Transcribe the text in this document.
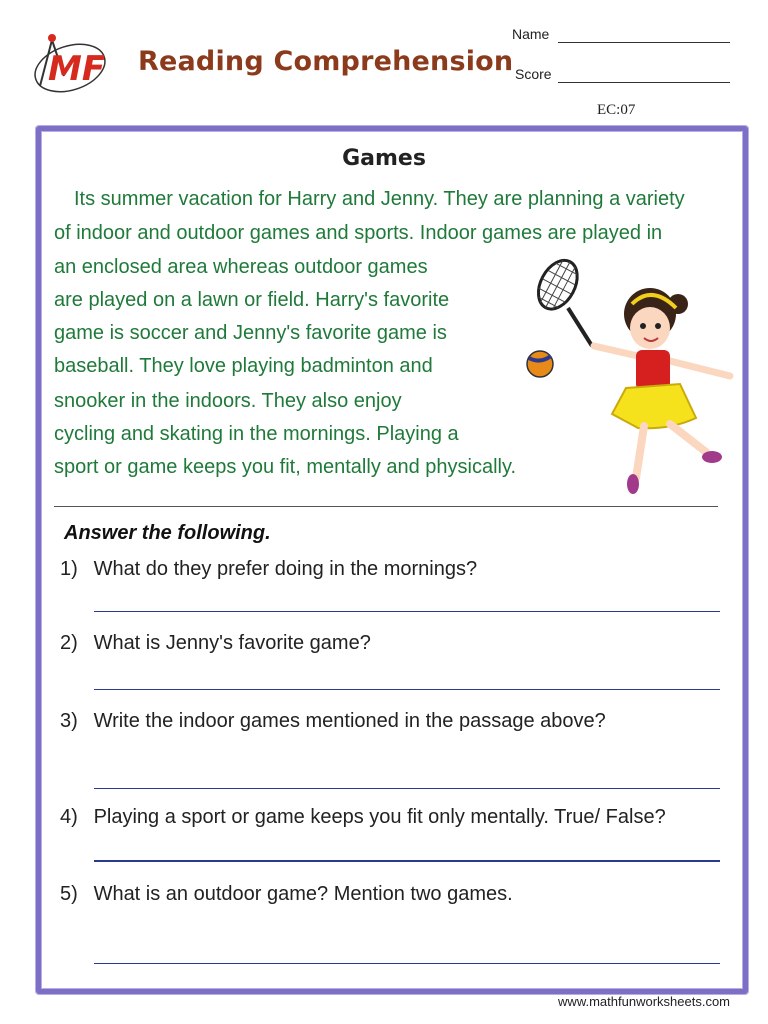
MF Reading Comprehension
Name
Score
EC:07
Games
Its summer vacation for Harry and Jenny. They are planning a variety
of indoor and outdoor games and sports. Indoor games are played in
an enclosed area whereas outdoor games
are played on a lawn or field. Harry's favorite
game is soccer and Jenny's favorite game is
baseball. They love playing badminton and
snooker in the indoors. They also enjoy
cycling and skating in the mornings. Playing a
sport or game keeps you fit, mentally and physically.
Answer the following.
1) What do they prefer doing in the mornings?
2) What is Jenny's favorite game?
3) Write the indoor games mentioned in the passage above?
4) Playing a sport or game keeps you fit only mentally. True/ False?
5) What is an outdoor game? Mention two games.
www.mathfunworksheets.com
